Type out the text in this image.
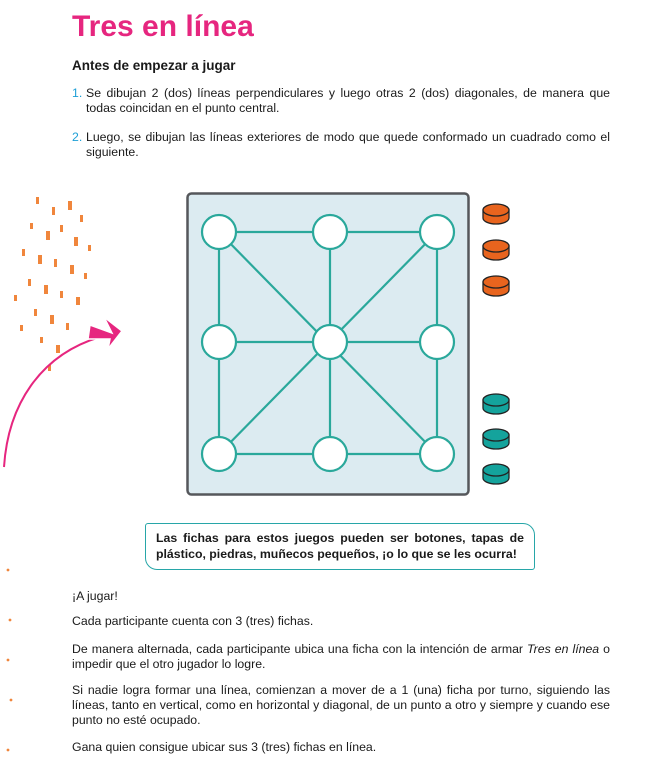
Tres en línea
Antes de empezar a jugar
1. Se dibujan 2 (dos) líneas perpendiculares y luego otras 2 (dos) diagonales, de manera que todas coincidan en el punto central.
2. Luego, se dibujan las líneas exteriores de modo que quede conformado un cuadrado como el siguiente.
Las fichas para estos juegos pueden ser botones, tapas de plástico, piedras, muñecos pequeños, ¡o lo que se les ocurra!

¡A jugar!

Cada participante cuenta con 3 (tres) fichas.

De manera alternada, cada participante ubica una ficha con la intención de armar Tres en línea o impedir que el otro jugador lo logre.

Si nadie logra formar una línea, comienzan a mover de a 1 (una) ficha por turno, siguiendo las líneas, tanto en vertical, como en horizontal y diagonal, de un punto a otro y siempre y cuando ese punto no esté ocupado.

Gana quien consigue ubicar sus 3 (tres) fichas en línea.
